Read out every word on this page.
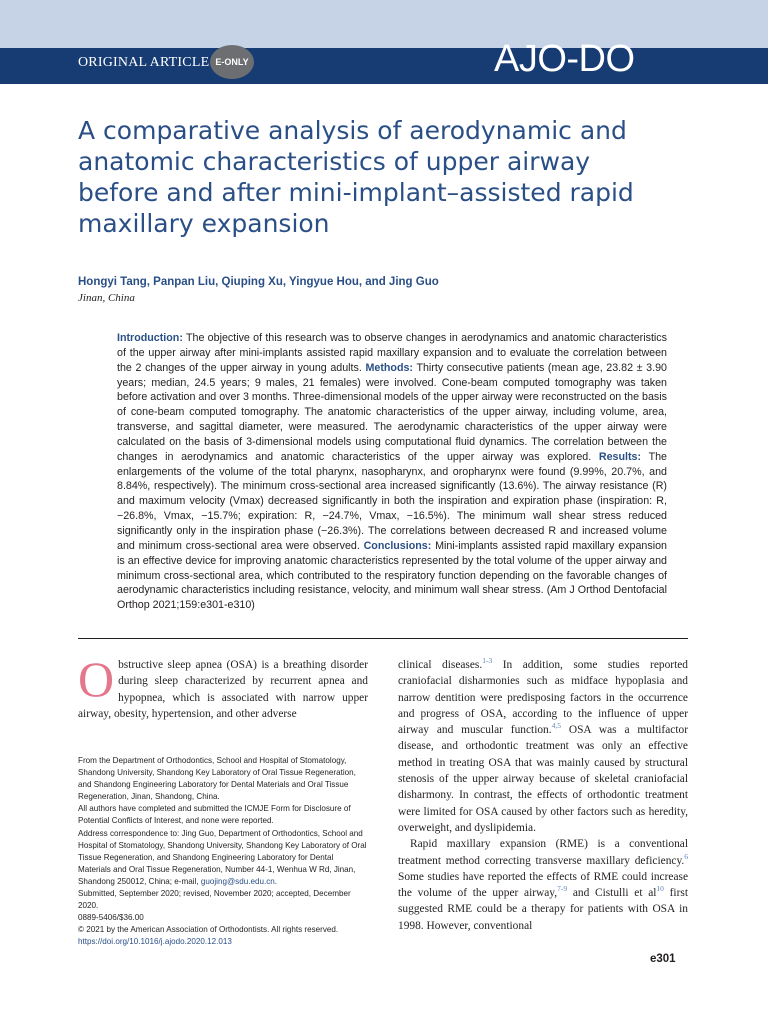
ORIGINAL ARTICLE E-ONLY	AJO-DO
A comparative analysis of aerodynamic and anatomic characteristics of upper airway before and after mini-implant–assisted rapid maxillary expansion
Hongyi Tang, Panpan Liu, Qiuping Xu, Yingyue Hou, and Jing Guo
Jinan, China
Introduction: The objective of this research was to observe changes in aerodynamics and anatomic characteristics of the upper airway after mini-implants assisted rapid maxillary expansion and to evaluate the correlation between the 2 changes of the upper airway in young adults. Methods: Thirty consecutive patients (mean age, 23.82 ± 3.90 years; median, 24.5 years; 9 males, 21 females) were involved. Cone-beam computed tomography was taken before activation and over 3 months. Three-dimensional models of the upper airway were reconstructed on the basis of cone-beam computed tomography. The anatomic characteristics of the upper airway, including volume, area, transverse, and sagittal diameter, were measured. The aerodynamic characteristics of the upper airway were calculated on the basis of 3-dimensional models using computational fluid dynamics. The correlation between the changes in aerodynamics and anatomic characteristics of the upper airway was explored. Results: The enlargements of the volume of the total pharynx, nasopharynx, and oropharynx were found (9.99%, 20.7%, and 8.84%, respectively). The minimum cross-sectional area increased significantly (13.6%). The airway resistance (R) and maximum velocity (Vmax) decreased significantly in both the inspiration and expiration phase (inspiration: R, −26.8%, Vmax, −15.7%; expiration: R, −24.7%, Vmax, −16.5%). The minimum wall shear stress reduced significantly only in the inspiration phase (−26.3%). The correlations between decreased R and increased volume and minimum cross-sectional area were observed. Conclusions: Mini-implants assisted rapid maxillary expansion is an effective device for improving anatomic characteristics represented by the total volume of the upper airway and minimum cross-sectional area, which contributed to the respiratory function depending on the favorable changes of aerodynamic characteristics including resistance, velocity, and minimum wall shear stress. (Am J Orthod Dentofacial Orthop 2021;159:e301-e310)
Obstructive sleep apnea (OSA) is a breathing disorder during sleep characterized by recurrent apnea and hypopnea, which is associated with narrow upper airway, obesity, hypertension, and other adverse
From the Department of Orthodontics, School and Hospital of Stomatology, Shandong University, Shandong Key Laboratory of Oral Tissue Regeneration, and Shandong Engineering Laboratory for Dental Materials and Oral Tissue Regeneration, Jinan, Shandong, China.
All authors have completed and submitted the ICMJE Form for Disclosure of Potential Conflicts of Interest, and none were reported.
Address correspondence to: Jing Guo, Department of Orthodontics, School and Hospital of Stomatology, Shandong University, Shandong Key Laboratory of Oral Tissue Regeneration, and Shandong Engineering Laboratory for Dental Materials and Oral Tissue Regeneration, Number 44-1, Wenhua W Rd, Jinan, Shandong 250012, China; e-mail, guojing@sdu.edu.cn.
Submitted, September 2020; revised, November 2020; accepted, December 2020.
0889-5406/$36.00
© 2021 by the American Association of Orthodontists. All rights reserved.
https://doi.org/10.1016/j.ajodo.2020.12.013

clinical diseases.$^{1-3}$ In addition, some studies reported craniofacial disharmonies such as midface hypoplasia and narrow dentition were predisposing factors in the occurrence and progress of OSA, according to the influence of upper airway and muscular function.$^{4,5}$ OSA was a multifactor disease, and orthodontic treatment was only an effective method in treating OSA that was mainly caused by structural stenosis of the upper airway because of skeletal craniofacial disharmony. In contrast, the effects of orthodontic treatment were limited for OSA caused by other factors such as heredity, overweight, and dyslipidemia.

Rapid maxillary expansion (RME) is a conventional treatment method correcting transverse maxillary deficiency.$^6$ Some studies have reported the effects of RME could increase the volume of the upper airway,$^{7-9}$ and Cistulli et $al^{10}$ first suggested RME could be a therapy for patients with OSA in 1998. However, conventional

e301
